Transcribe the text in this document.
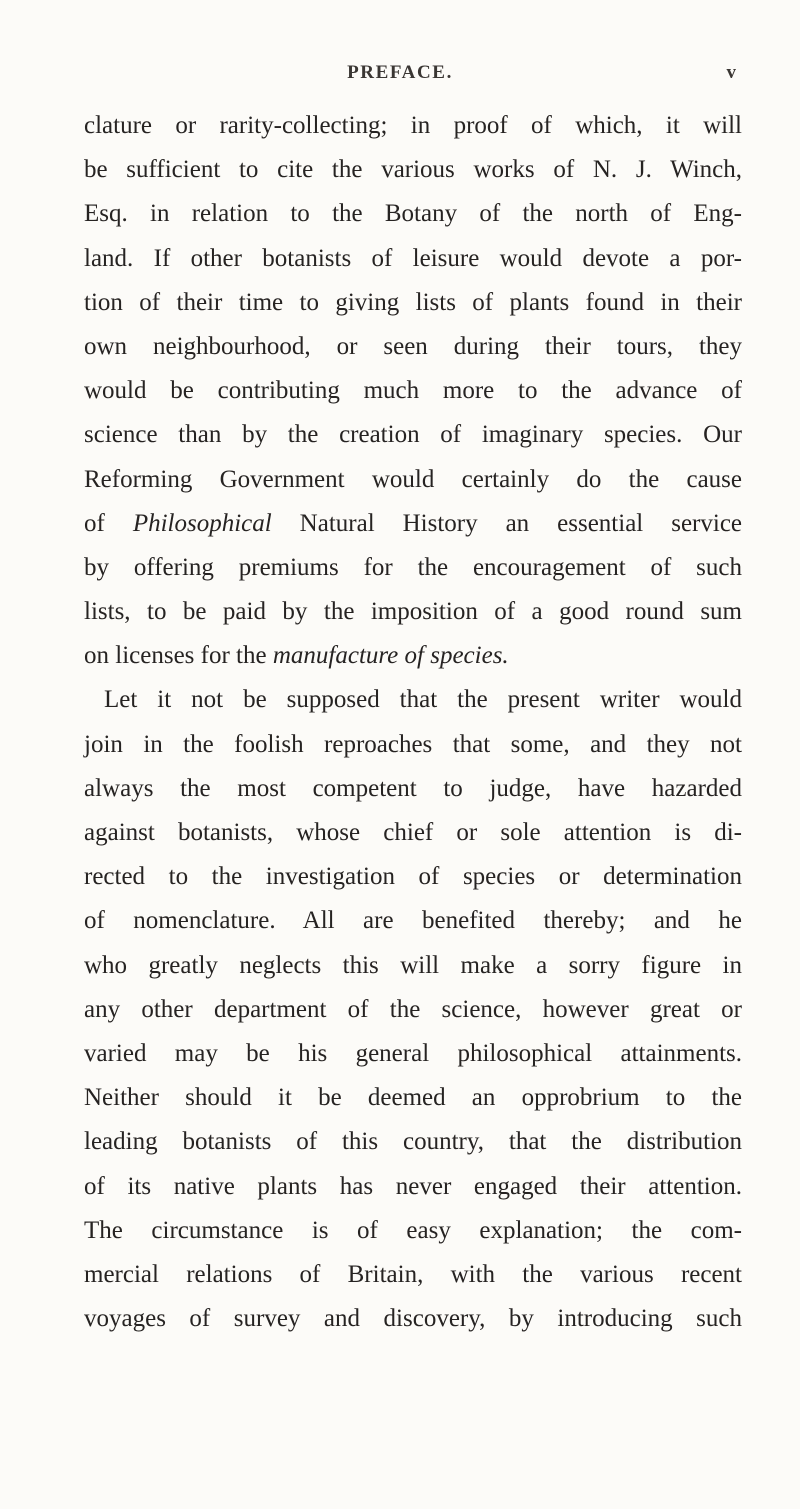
PREFACE.	v
clature or rarity-collecting; in proof of which, it will
be sufficient to cite the various works of N. J. Winch,
Esq. in relation to the Botany of the north of Eng-
land. If other botanists of leisure would devote a por-
tion of their time to giving lists of plants found in their
own neighbourhood, or seen during their tours, they
would be contributing much more to the advance of
science than by the creation of imaginary species. Our
Reforming Government would certainly do the cause
of Philosophical Natural History an essential service
by offering premiums for the encouragement of such
lists, to be paid by the imposition of a good round sum
on licenses for the manufacture of species.
Let it not be supposed that the present writer would
join in the foolish reproaches that some, and they not
always the most competent to judge, have hazarded
against botanists, whose chief or sole attention is di-
rected to the investigation of species or determination
of nomenclature. All are benefited thereby; and he
who greatly neglects this will make a sorry figure in
any other department of the science, however great or
varied may be his general philosophical attainments.
Neither should it be deemed an opprobrium to the
leading botanists of this country, that the distribution
of its native plants has never engaged their attention.
The circumstance is of easy explanation; the com-
mercial relations of Britain, with the various recent
voyages of survey and discovery, by introducing such
